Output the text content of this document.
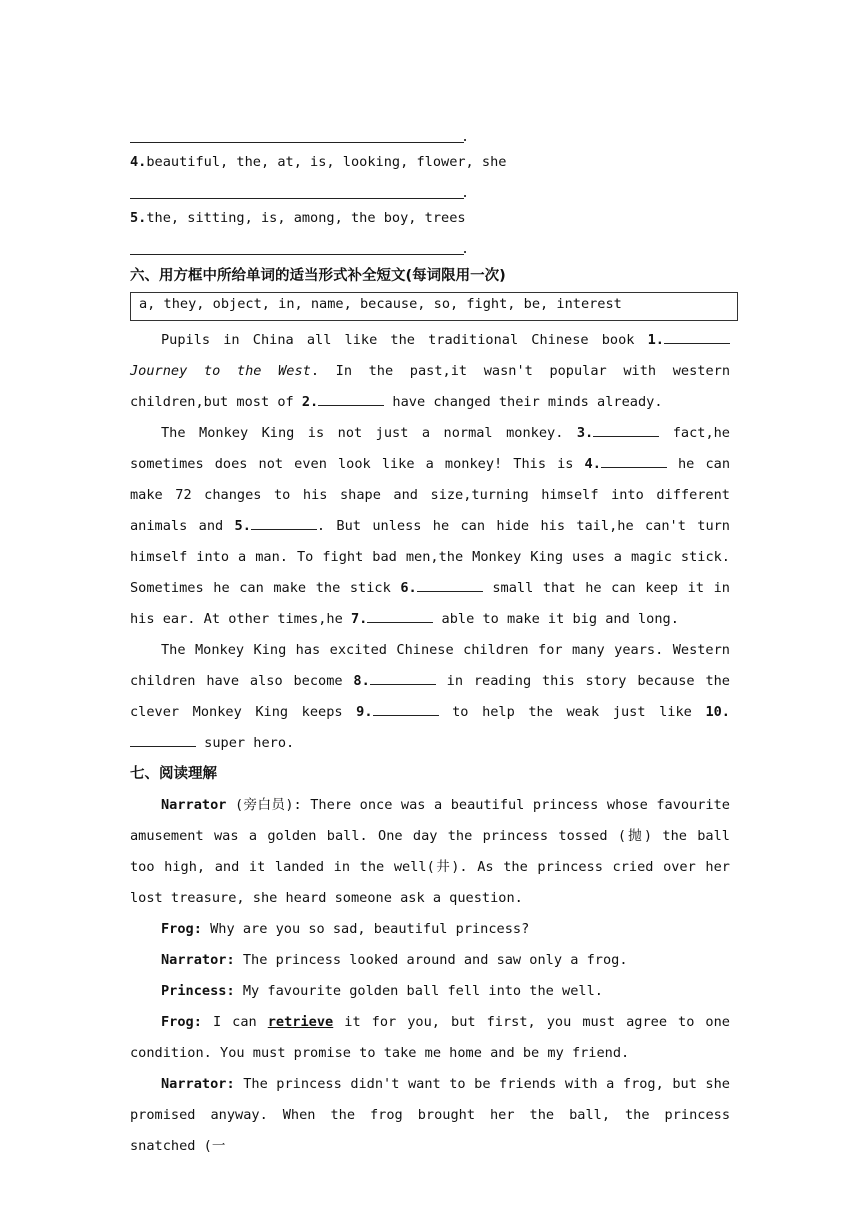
.
4.beautiful, the, at, is, looking, flower, she
.
5.the, sitting, is, among, the boy, trees
.
六、用方框中所给单词的适当形式补全短文(每词限用一次)
a, they, object, in, name, because, so, fight, be, interest

Pupils in China all like the traditional Chinese book 1. Journey to the West. In the past,it wasn't popular with western children,but most of 2.	have changed their minds already.

The Monkey King is not just a normal monkey. 3.	fact,he sometimes does not even look like a monkey! This is 4.	he can make 72 changes to his shape and size,turning himself into different animals and 5.	. But unless he can hide his tail,he can't turn himself into a man. To fight bad men,the Monkey King uses a magic stick. Sometimes he can make the stick 6.	small that he can keep it in his ear. At other times,he 7.	able to make it big and long.

The Monkey King has excited Chinese children for many years. Western children have also become 8.	in reading this story because the clever Monkey King keeps 9.	to help the weak just like 10. super hero.

七、阅读理解

Narrator (旁白员): There once was a beautiful princess whose favourite amusement was a golden ball. One day the princess tossed (抛) the ball too high, and it landed in the well(井). As the princess cried over her lost treasure, she heard someone ask a question.

Frog: Why are you so sad, beautiful princess?

Narrator: The princess looked around and saw only a frog.

Princess: My favourite golden ball fell into the well.

Frog: I can retrieve it for you, but first, you must agree to one condition. You must promise to take me home and be my friend.

Narrator: The princess didn't want to be friends with a frog, but she promised anyway. When the frog brought her the ball, the princess snatched (一
